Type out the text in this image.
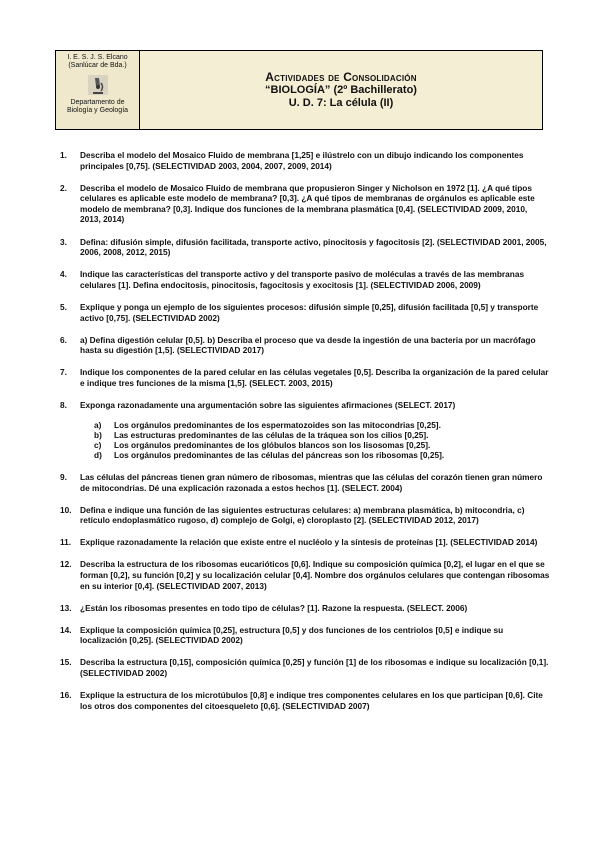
I. E. S. J. S. Elcano
(Sanlúcar de Bda.)
Departamento de
Biología y Geología
Actividades de Consolidación
“BIOLOGÍA” (2º Bachillerato)
U. D. 7: La célula (II)
1. Describa el modelo del Mosaico Fluido de membrana [1,25] e ilústrelo con un dibujo indicando los componentes principales [0,75]. (SELECTIVIDAD 2003, 2004, 2007, 2009, 2014)
2. Describa el modelo de Mosaico Fluido de membrana que propusieron Singer y Nicholson en 1972 [1]. ¿A qué tipos celulares es aplicable este modelo de membrana? [0,3]. ¿A qué tipos de membranas de orgánulos es aplicable este modelo de membrana? [0,3]. Indique dos funciones de la membrana plasmática [0,4]. (SELECTIVIDAD 2009, 2010, 2013, 2014)
3. Defina: difusión simple, difusión facilitada, transporte activo, pinocitosis y fagocitosis [2]. (SELECTIVIDAD 2001, 2005, 2006, 2008, 2012, 2015)
4. Indique las características del transporte activo y del transporte pasivo de moléculas a través de las membranas celulares [1]. Defina endocitosis, pinocitosis, fagocitosis y exocitosis [1]. (SELECTIVIDAD 2006, 2009)
5. Explique y ponga un ejemplo de los siguientes procesos: difusión simple [0,25], difusión facilitada [0,5] y transporte activo [0,75]. (SELECTIVIDAD 2002)
6. a) Defina digestión celular [0,5]. b) Describa el proceso que va desde la ingestión de una bacteria por un macrófago hasta su digestión [1,5]. (SELECTIVIDAD 2017)
7. Indique los componentes de la pared celular en las células vegetales [0,5]. Describa la organización de la pared celular e indique tres funciones de la misma [1,5]. (SELECT. 2003, 2015)
8. Exponga razonadamente una argumentación sobre las siguientes afirmaciones (SELECT. 2017)
a) Los orgánulos predominantes de los espermatozoides son las mitocondrias [0,25].
b) Las estructuras predominantes de las células de la tráquea son los cilios [0,25].
c) Los orgánulos predominantes de los glóbulos blancos son los lisosomas [0,25].
d) Los orgánulos predominantes de las células del páncreas son los ribosomas [0,25].
9. Las células del páncreas tienen gran número de ribosomas, mientras que las células del corazón tienen gran número de mitocondrias. Dé una explicación razonada a estos hechos [1]. (SELECT. 2004)
10. Defina e indique una función de las siguientes estructuras celulares: a) membrana plasmática, b) mitocondria, c) retículo endoplasmático rugoso, d) complejo de Golgi, e) cloroplasto [2]. (SELECTIVIDAD 2012, 2017)
11. Explique razonadamente la relación que existe entre el nucléolo y la síntesis de proteínas [1]. (SELECTIVIDAD 2014)
12. Describa la estructura de los ribosomas eucarióticos [0,6]. Indique su composición química [0,2], el lugar en el que se forman [0,2], su función [0,2] y su localización celular [0,4]. Nombre dos orgánulos celulares que contengan ribosomas en su interior [0,4]. (SELECTIVIDAD 2007, 2013)
13. ¿Están los ribosomas presentes en todo tipo de células? [1]. Razone la respuesta. (SELECT. 2006)
14. Explique la composición química [0,25], estructura [0,5] y dos funciones de los centriolos [0,5] e indique su localización [0,25]. (SELECTIVIDAD 2002)
15. Describa la estructura [0,15], composición química [0,25] y función [1] de los ribosomas e indique su localización [0,1]. (SELECTIVIDAD 2002)
16. Explique la estructura de los microtúbulos [0,8] e indique tres componentes celulares en los que participan [0,6]. Cite los otros dos componentes del citoesqueleto [0,6]. (SELECTIVIDAD 2007)
